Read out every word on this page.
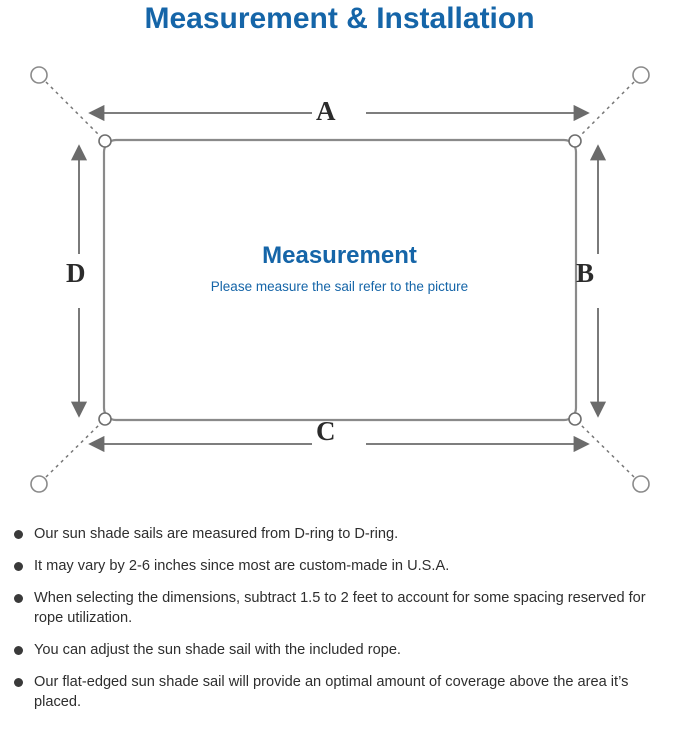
Measurement & Installation
Measurement
Please measure the sail refer to the picture
A
B
C
D
Our sun shade sails are measured from D-ring to D-ring.
It may vary by 2-6 inches since most are custom-made in U.S.A.
When selecting the dimensions, subtract 1.5 to 2 feet to account for some spacing reserved for rope utilization.
You can adjust the sun shade sail with the included rope.
Our flat-edged sun shade sail will provide an optimal amount of coverage above the area it’s placed.
